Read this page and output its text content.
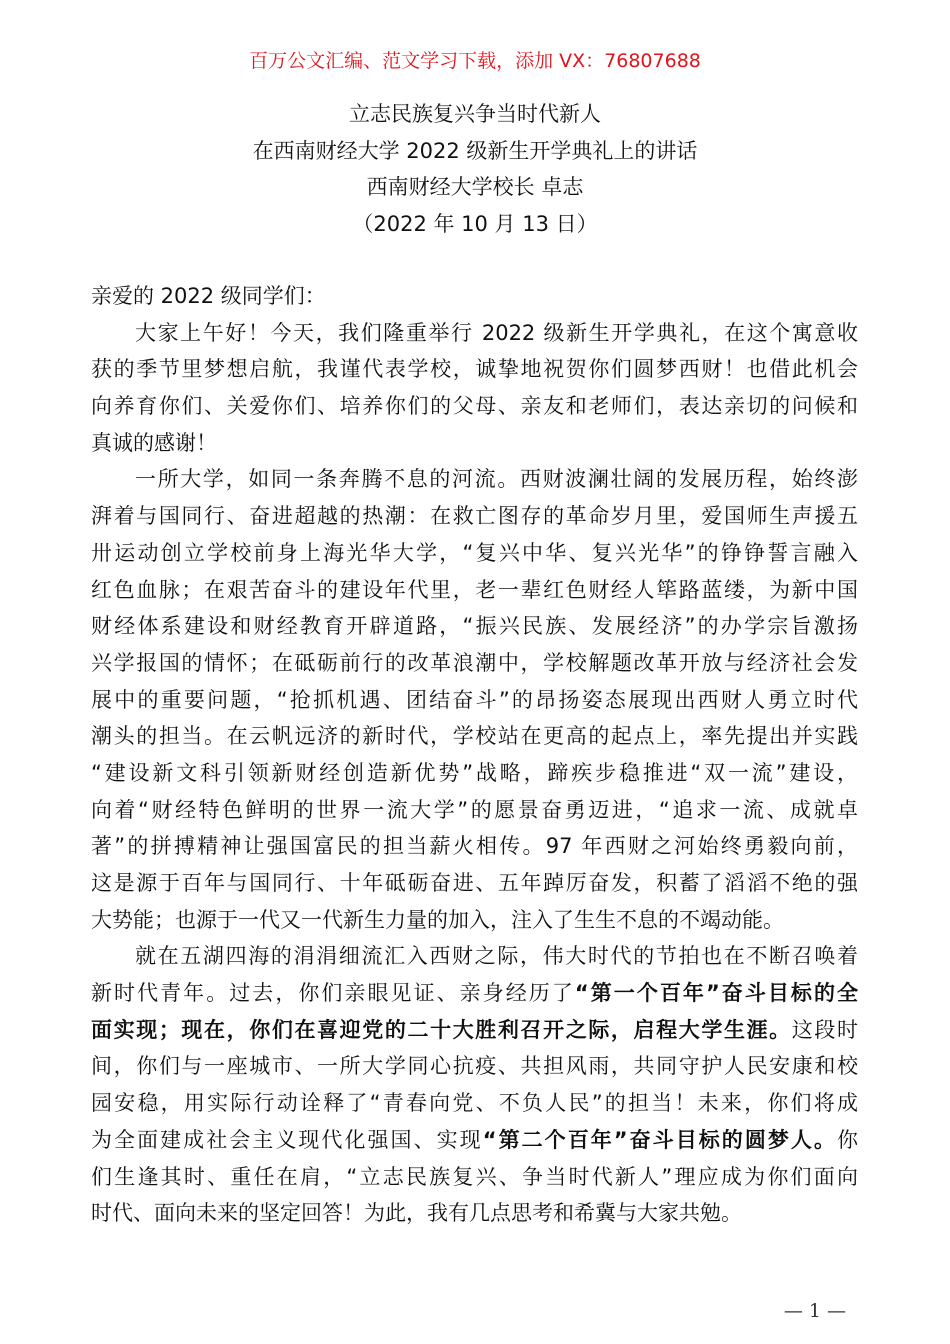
百万公文汇编、范文学习下载，添加 VX：76807688
立志民族复兴争当时代新人
在西南财经大学 2022 级新生开学典礼上的讲话
西南财经大学校长 卓志
（2022 年 10 月 13 日）
亲爱的 2022 级同学们：
大家上午好！今天，我们隆重举行 2022 级新生开学典礼，在这个寓意收
获的季节里梦想启航，我谨代表学校，诚挚地祝贺你们圆梦西财！也借此机会
向养育你们、关爱你们、培养你们的父母、亲友和老师们，表达亲切的问候和
真诚的感谢！
一所大学，如同一条奔腾不息的河流。西财波澜壮阔的发展历程，始终澎
湃着与国同行、奋进超越的热潮：在救亡图存的革命岁月里，爱国师生声援五
卅运动创立学校前身上海光华大学，“复兴中华、复兴光华”的铮铮誓言融入
红色血脉；在艰苦奋斗的建设年代里，老一辈红色财经人筚路蓝缕，为新中国
财经体系建设和财经教育开辟道路，“振兴民族、发展经济”的办学宗旨激扬
兴学报国的情怀；在砥砺前行的改革浪潮中，学校解题改革开放与经济社会发
展中的重要问题，“抢抓机遇、团结奋斗”的昂扬姿态展现出西财人勇立时代
潮头的担当。在云帆远济的新时代，学校站在更高的起点上，率先提出并实践
“建设新文科引领新财经创造新优势”战略，蹄疾步稳推进“双一流”建设，
向着“财经特色鲜明的世界一流大学”的愿景奋勇迈进，“追求一流、成就卓
著”的拼搏精神让强国富民的担当薪火相传。97 年西财之河始终勇毅向前，
这是源于百年与国同行、十年砥砺奋进、五年踔厉奋发，积蓄了滔滔不绝的强
大势能；也源于一代又一代新生力量的加入，注入了生生不息的不竭动能。
就在五湖四海的涓涓细流汇入西财之际，伟大时代的节拍也在不断召唤着
新时代青年。过去，你们亲眼见证、亲身经历了“第一个百年”奋斗目标的全
面实现；现在，你们在喜迎党的二十大胜利召开之际，启程大学生涯。这段时
间，你们与一座城市、一所大学同心抗疫、共担风雨，共同守护人民安康和校
园安稳，用实际行动诠释了“青春向党、不负人民”的担当！未来，你们将成
为全面建成社会主义现代化强国、实现“第二个百年”奋斗目标的圆梦人。你
们生逢其时、重任在肩，“立志民族复兴、争当时代新人”理应成为你们面向
时代、面向未来的坚定回答！为此，我有几点思考和希冀与大家共勉。
— 1 —
